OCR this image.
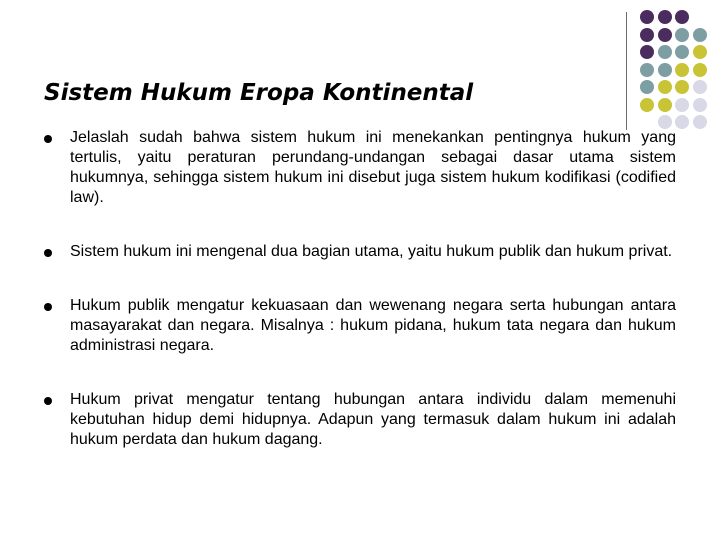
Sistem Hukum Eropa Kontinental
Jelaslah sudah bahwa sistem hukum ini menekankan pentingnya hukum yang tertulis, yaitu peraturan perundang-undangan sebagai dasar utama sistem hukumnya, sehingga sistem hukum ini disebut juga sistem hukum kodifikasi (codified law).
Sistem hukum ini mengenal dua bagian utama, yaitu hukum publik dan hukum privat.
Hukum publik mengatur kekuasaan dan wewenang negara serta hubungan antara masayarakat dan negara. Misalnya : hukum pidana, hukum tata negara dan hukum administrasi negara.
Hukum privat mengatur tentang hubungan antara individu dalam memenuhi kebutuhan hidup demi hidupnya. Adapun yang termasuk dalam hukum ini adalah hukum perdata dan hukum dagang.
